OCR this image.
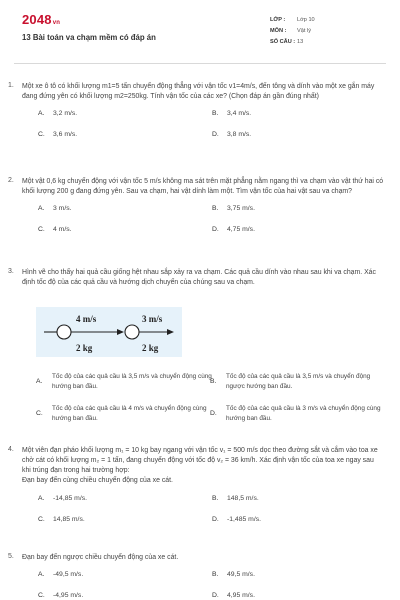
2048vn
13 Bài toán va chạm mềm có đáp án
LỚP :	Lớp 10
MÔN :	Vật lý
SỐ CÂU : 13
1. Một xe ô tô có khối lượng m1=5 tấn chuyển động thẳng với vận tốc v1=4m/s, đến tông và dính vào một xe gắn máy đang đứng yên có khối lượng m2=250kg. Tính vận tốc của các xe? (Chọn đáp án gần đúng nhất)
A. 3,2 m/s.	B. 3,4 m/s.
C. 3,6 m/s.	D. 3,8 m/s.
2. Một vật 0,6 kg chuyển động với vận tốc 5 m/s không ma sát trên mặt phẳng nằm ngang thì va chạm vào vật thứ hai có khối lượng 200 g đang đứng yên. Sau va chạm, hai vật dính làm một. Tìm vận tốc của hai vật sau va chạm?
A. 3 m/s.	B. 3,75 m/s.
C. 4 m/s.	D. 4,75 m/s.
3. Hình vẽ cho thấy hai quả cầu giống hệt nhau sắp xảy ra va chạm. Các quả cầu dính vào nhau sau khi va chạm. Xác định tốc độ của các quả cầu và hướng dịch chuyển của chúng sau va chạm.
4 m/s
2 kg
3 m/s
2 kg
A.
Tốc độ của các quả cầu là 3,5 m/s và chuyển động cùng hướng ban đầu.
B.
Tốc độ của các quả cầu là 3,5 m/s và chuyển động ngược hướng ban đầu.
C.
Tốc độ của các quả cầu là 4 m/s và chuyển động cùng hướng ban đầu.
D.
Tốc độ của các quả cầu là 3 m/s và chuyển động cùng hướng ban đầu.
4. Một viên đạn pháo khối lượng m₁ = 10 kg bay ngang với vận tốc v₁ = 500 m/s dọc theo đường sắt và cắm vào toa xe chở cát có khối lượng m₂ = 1 tấn, đang chuyển động với tốc độ v₂ = 36 km/h. Xác định vận tốc của toa xe ngay sau khi trúng đạn trong hai trường hợp:
Đạn bay đến cùng chiều chuyển động của xe cát.
A. -14,85 m/s.	B. 148,5 m/s.
C. 14,85 m/s.	D. -1,485 m/s.
5. Đạn bay đến ngược chiều chuyển động của xe cát.
A. -49,5 m/s.	B. 49,5 m/s.
C. -4,95 m/s.	D. 4,95 m/s.
